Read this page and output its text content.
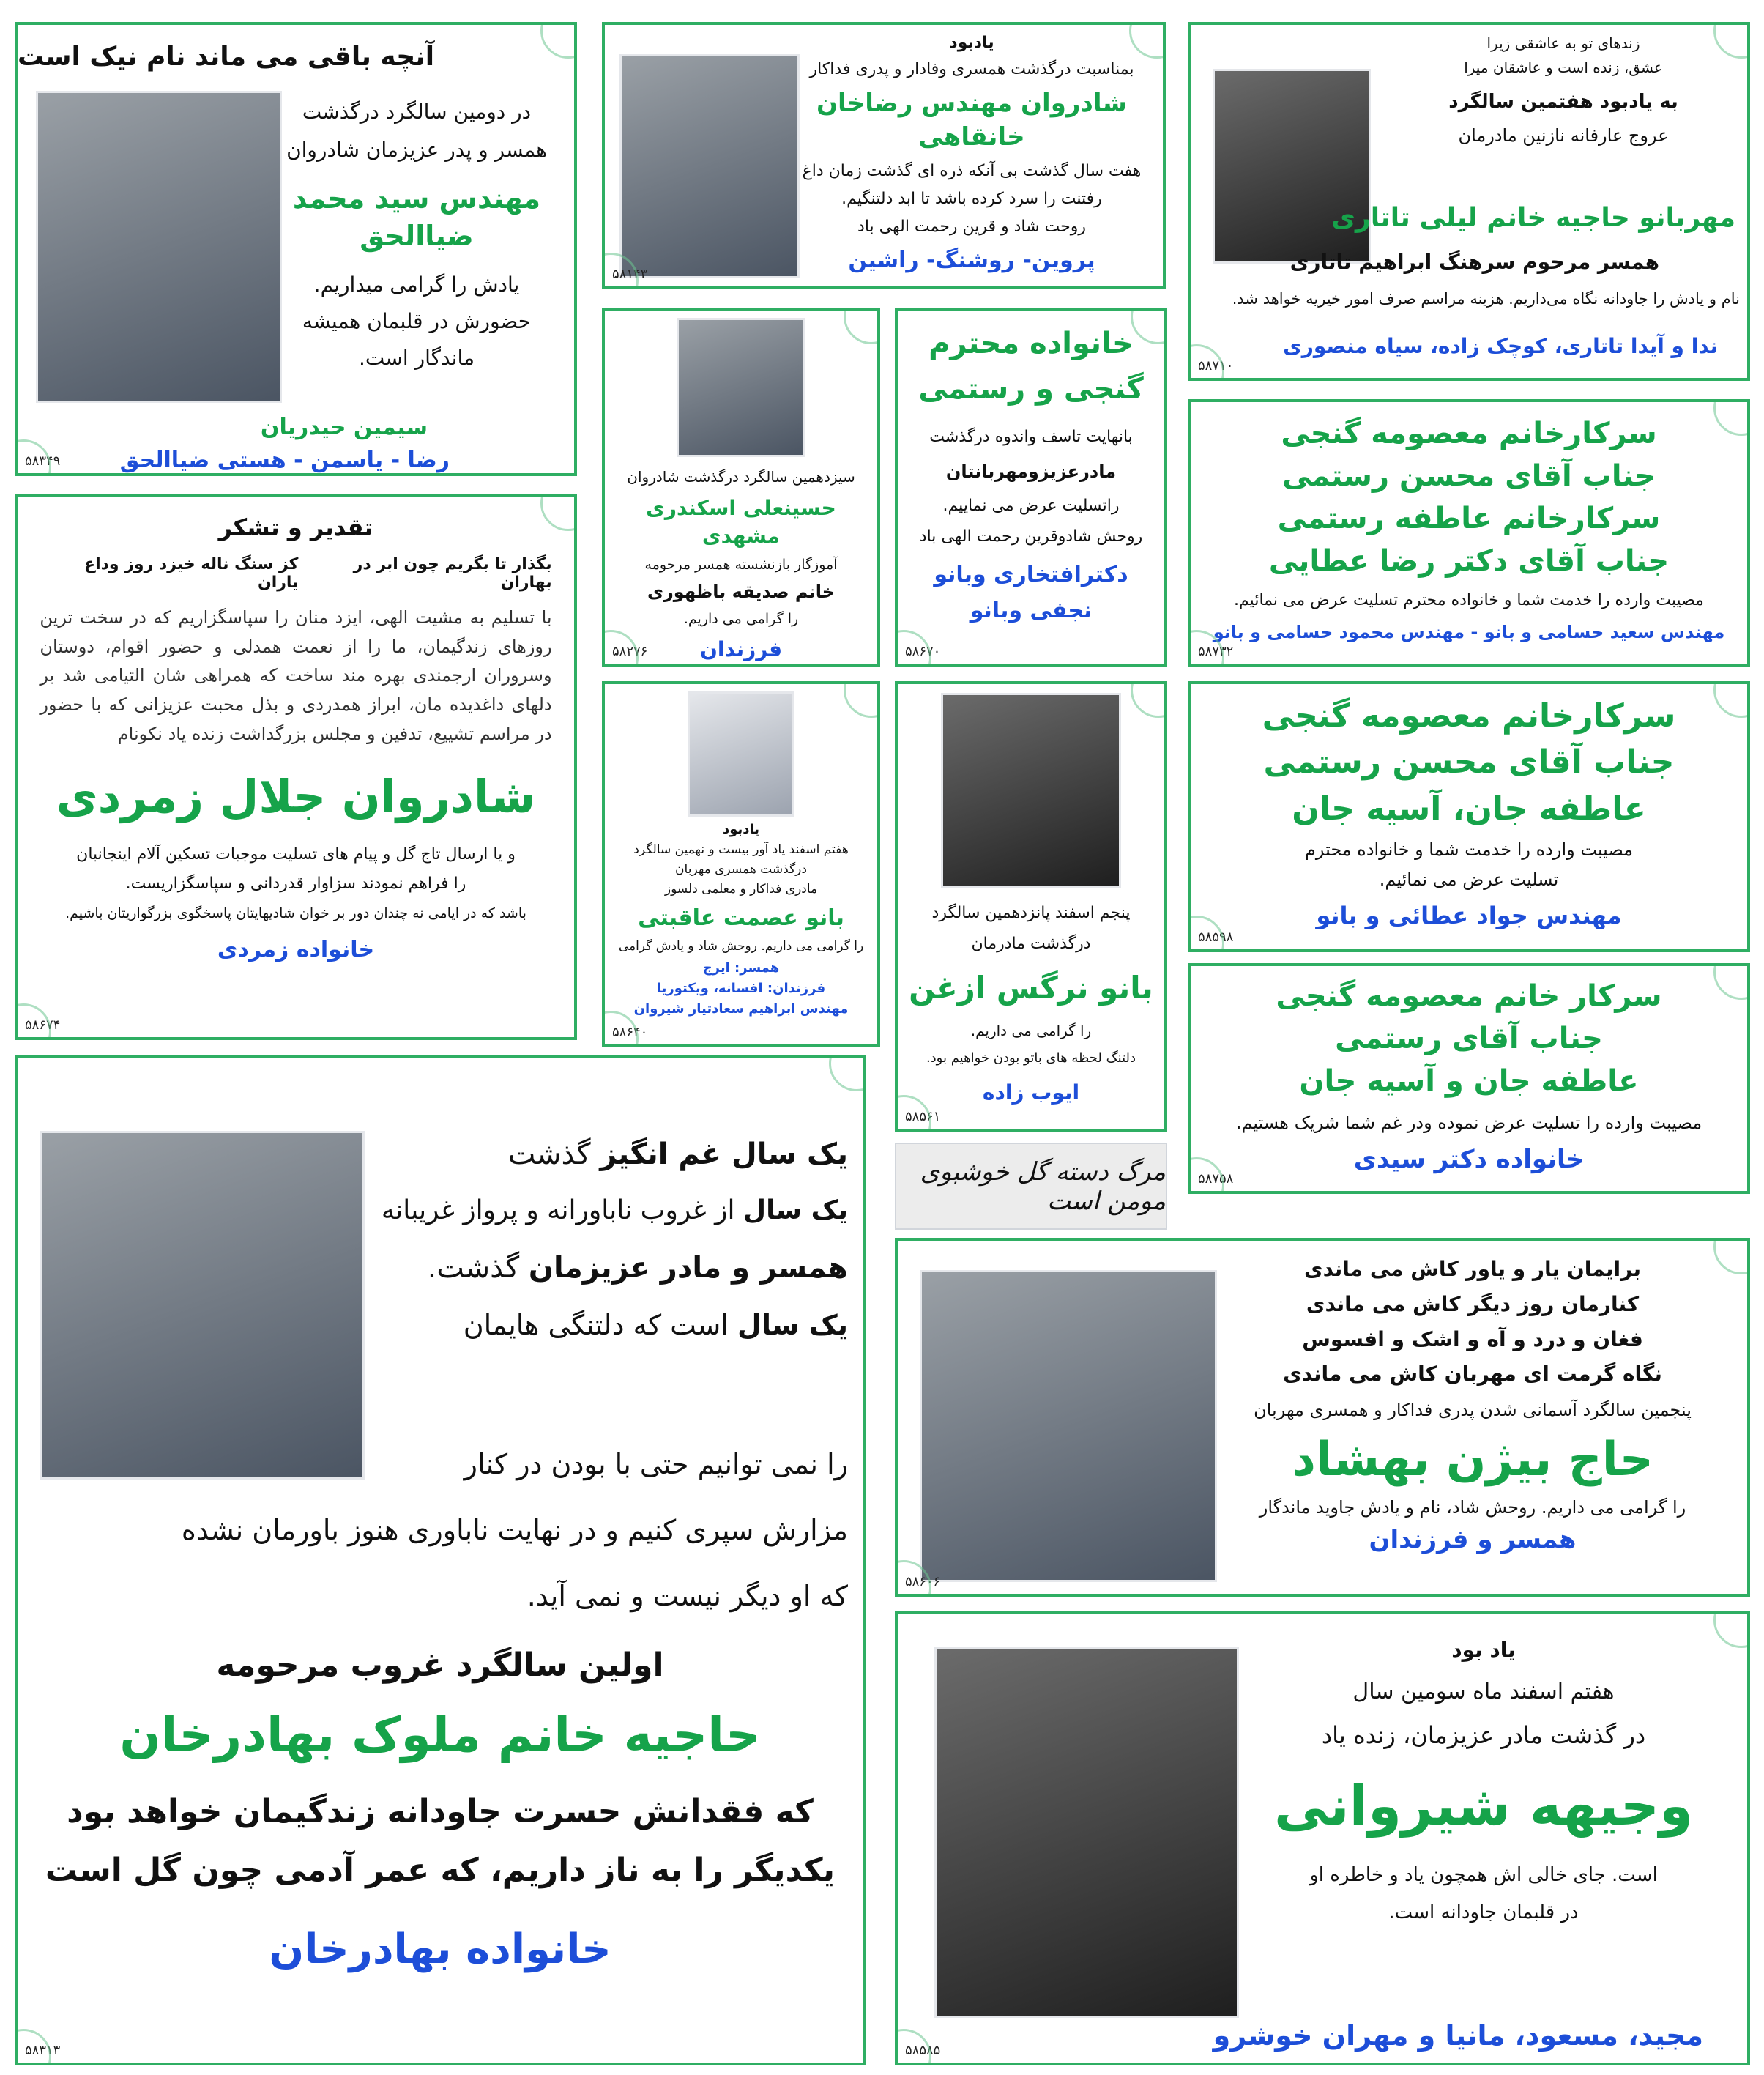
آنچه باقی می ماند نام نیک است

در دومین سالگرد درگذشت

همسر و پدر عزیزمان شادروان

مهندس سید محمد ضیاالحق

یادش را گرامی میداریم.

حضورش در قلبمان همیشه

ماندگار است.

سیمین حیدریان

رضا - یاسمن - هستی ضیاالحق

۵۸۳۴۹

یادبود

بمناسبت درگذشت همسری وفادار و پدری فداکار

شادروان مهندس رضاخان خانقاهی

هفت سال گذشت بی آنکه ذره ای گذشت زمان داغ

رفتنت را سرد کرده باشد تا ابد دلتنگیم.

روحت شاد و قرین رحمت الهی باد

پروین- روشنگ- راشین

۵۸۱۴۳

زندهای تو به عاشقی زیرا

عشق، زنده است و عاشقان میرا

به یادبود هفتمین سالگرد

عروج عارفانه نازنین مادرمان

مهربانو حاجیه خانم لیلی تاتاری

همسر مرحوم سرهنگ ابراهیم تاتاری

نام و یادش را جاودانه نگاه می‌داریم. هزینه مراسم صرف امور خیریه خواهد شد.

ندا و آیدا تاتاری، کوچک زاده، سیاه منصوری

۵۸۷۱۰

سیزدهمین سالگرد درگذشت شادروان

حسینعلی اسکندری مشهدی

آموزگار بازنشسته همسر مرحومه

خانم صدیقه باظهوری

را گرامی می داریم.

فرزندان

۵۸۲۷۶

خانواده محترم

گنجی و رستمی

بانهایت تاسف واندوه درگذشت

مادرعزیزومهربانتان

راتسلیت عرض می نماییم.

روحش شادوقرین رحمت الهی باد

دکترافتخاری وبانو

نجفی وبانو

۵۸۶۷۰

سرکارخانم معصومه گنجی

جناب آقای محسن رستمی

سرکارخانم عاطفه رستمی

جناب آقای دکتر رضا عطایی

مصیبت وارده را خدمت شما و خانواده محترم تسلیت عرض می نمائیم.

مهندس سعید حسامی و بانو - مهندس محمود حسامی و بانو

۵۸۷۳۲

تقدیر و تشکر

بگذار تا بگریم چون ابر در بهاران
کز سنگ ناله خیزد روز وداع یاران

با تسلیم به مشیت الهی، ایزد منان را سپاسگزاریم که در سخت ترین روزهای زندگیمان، ما را از نعمت همدلی و حضور اقوام، دوستان وسروران ارجمندی بهره مند ساخت که همراهی شان التیامی شد بر دلهای داغدیده مان، ابراز همدردی و بذل محبت عزیزانی که با حضور در مراسم تشییع، تدفین و مجلس بزرگداشت زنده یاد نکونام

شادروان جلال زمردی

و یا ارسال تاج گل و پیام های تسلیت موجبات تسکین آلام اینجانبان

را فراهم نمودند سزاوار قدردانی و سپاسگزاریست.

باشد که در ایامی نه چندان دور بر خوان شادیهایتان پاسخگوی بزرگواریتان باشیم.

خانواده زمردی

۵۸۶۷۴

یادبود

هفتم اسفند یاد آور بیست و نهمین سالگرد

درگذشت همسری مهربان

مادری فداکار و معلمی دلسوز

بانو عصمت عاقبتی

را گرامی می داریم. روحش شاد و یادش گرامی

همسر: ایرج

فرزندان: افسانه، ویکتوریا

مهندس ابراهیم سعادتیار شیروان

۵۸۶۴۰

پنجم اسفند پانزدهمین سالگرد

درگذشت مادرمان

بانو نرگس ازغن

را گرامی می داریم.

دلتنگ لحظه های باتو بودن خواهیم بود.

ایوب زاده

۵۸۵۶۱

سرکارخانم معصومه گنجی

جناب آقای محسن رستمی

عاطفه جان، آسیه جان

مصیبت وارده را خدمت شما و خانواده محترم

تسلیت عرض می نمائیم.

مهندس جواد عطائی و بانو

۵۸۵۹۸

سرکار خانم معصومه گنجی

جناب آقای رستمی

عاطفه جان و آسیه جان

مصیبت وارده را تسلیت عرض نموده ودر غم شما شریک هستیم.

خانواده دکتر سیدی

۵۸۷۵۸
مرگ دسته گل خوشبوی مومن است

یک سال غم انگیز گذشت

یک سال از غروب ناباورانه و پرواز غریبانه

همسر و مادر عزیزمان گذشت.

یک سال است که دلتنگی هایمان

را نمی توانیم حتی با بودن در کنار

مزارش سپری کنیم و در نهایت ناباوری هنوز باورمان نشده

که او دیگر نیست و نمی آید.

اولین سالگرد غروب مرحومه

حاجیه خانم ملوک بهادرخان

که فقدانش حسرت جاودانه زندگیمان خواهد بود

یکدیگر را به ناز داریم، که عمر آدمی چون گل است

خانواده بهادرخان

۵۸۳۱۳

برایمان یار و یاور کاش می ماندی

کنارمان روز دیگر کاش می ماندی

فغان و درد و آه و اشک و افسوس

نگاه گرمت ای مهربان کاش می ماندی

پنجمین سالگرد آسمانی شدن پدری فداکار و همسری مهربان

حاج بیژن بهشاد

را گرامی می داریم. روحش شاد، نام و یادش جاوید ماندگار

همسر و فرزندان

۵۸۶۰۶

یاد بود

هفتم اسفند ماه سومین سال

در گذشت مادر عزیزمان، زنده یاد

وجیهه شیروانی

است. جای خالی اش همچون یاد و خاطره او

در قلبمان جاودانه است.

مجید، مسعود، مانیا و مهران خوشرو

۵۸۵۸۵
